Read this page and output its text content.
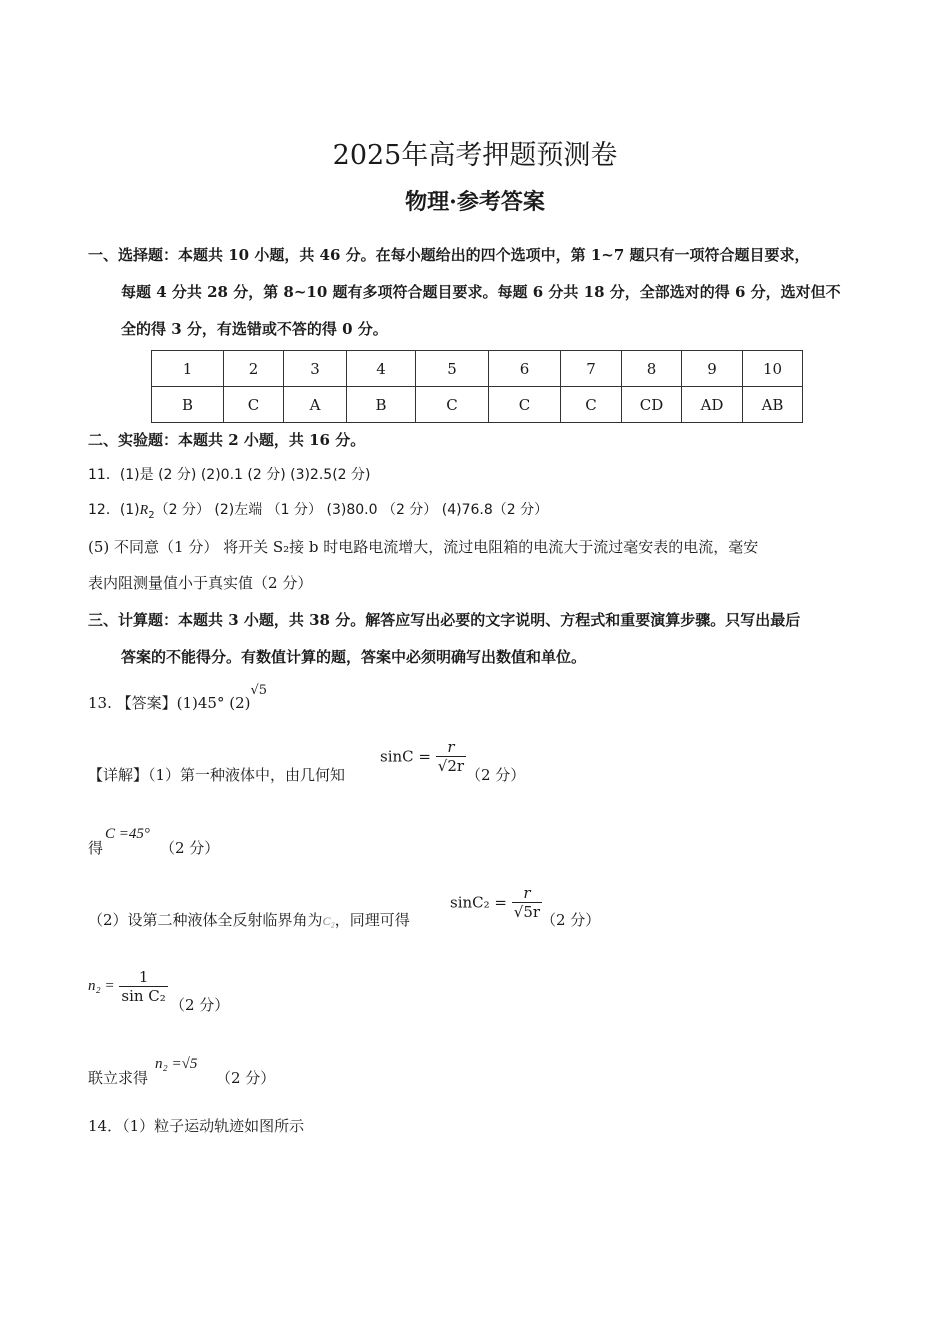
2025年高考押题预测卷
物理·参考答案
一、选择题：本题共 10 小题，共 46 分。在每小题给出的四个选项中，第 1~7 题只有一项符合题目要求，
每题 4 分共 28 分，第 8~10 题有多项符合题目要求。每题 6 分共 18 分，全部选对的得 6 分，选对但不
全的得 3 分，有选错或不答的得 0 分。
1	2	3	4	5	6	7	8	9	10
B	C	A	B	C	C	C	CD	AD	AB
二、实验题：本题共 2 小题，共 16 分。
11．(1)是 (2 分) (2)0.1 (2 分) (3)2.5(2 分)
12．$(1)R_2(2$ 分） (2)左端 （1 分） (3)80.0 （2 分） (4)76.8（2 分）
(5) 不同意（1 分） 将开关 S₂接 b 时电路电流增大，流过电阻箱的电流大于流过毫安表的电流，毫安
表内阻测量值小于真实值（2 分）
三、计算题：本题共 3 小题，共 38 分。解答应写出必要的文字说明、方程式和重要演算步骤。只写出最后
答案的不能得分。有数值计算的题，答案中必须明确写出数值和单位。
13. 【答案】(1)45° (2)√5
【详解】（1）第一种液体中，由几何知
$\sin C = \frac{r}{√2r} (2$ 分）
得
C =45°
（2 分）
（2）设第二种液体全反射临界角为C₂，同理可得
$\sin C_2 = \frac{r}{√5r}$
（2 分）
$n_2 = \frac{1}{\text{sin C₂}} (2$ 分）
联立求得
n₂ =√5
（2 分）
14．（1）粒子运动轨迹如图所示
